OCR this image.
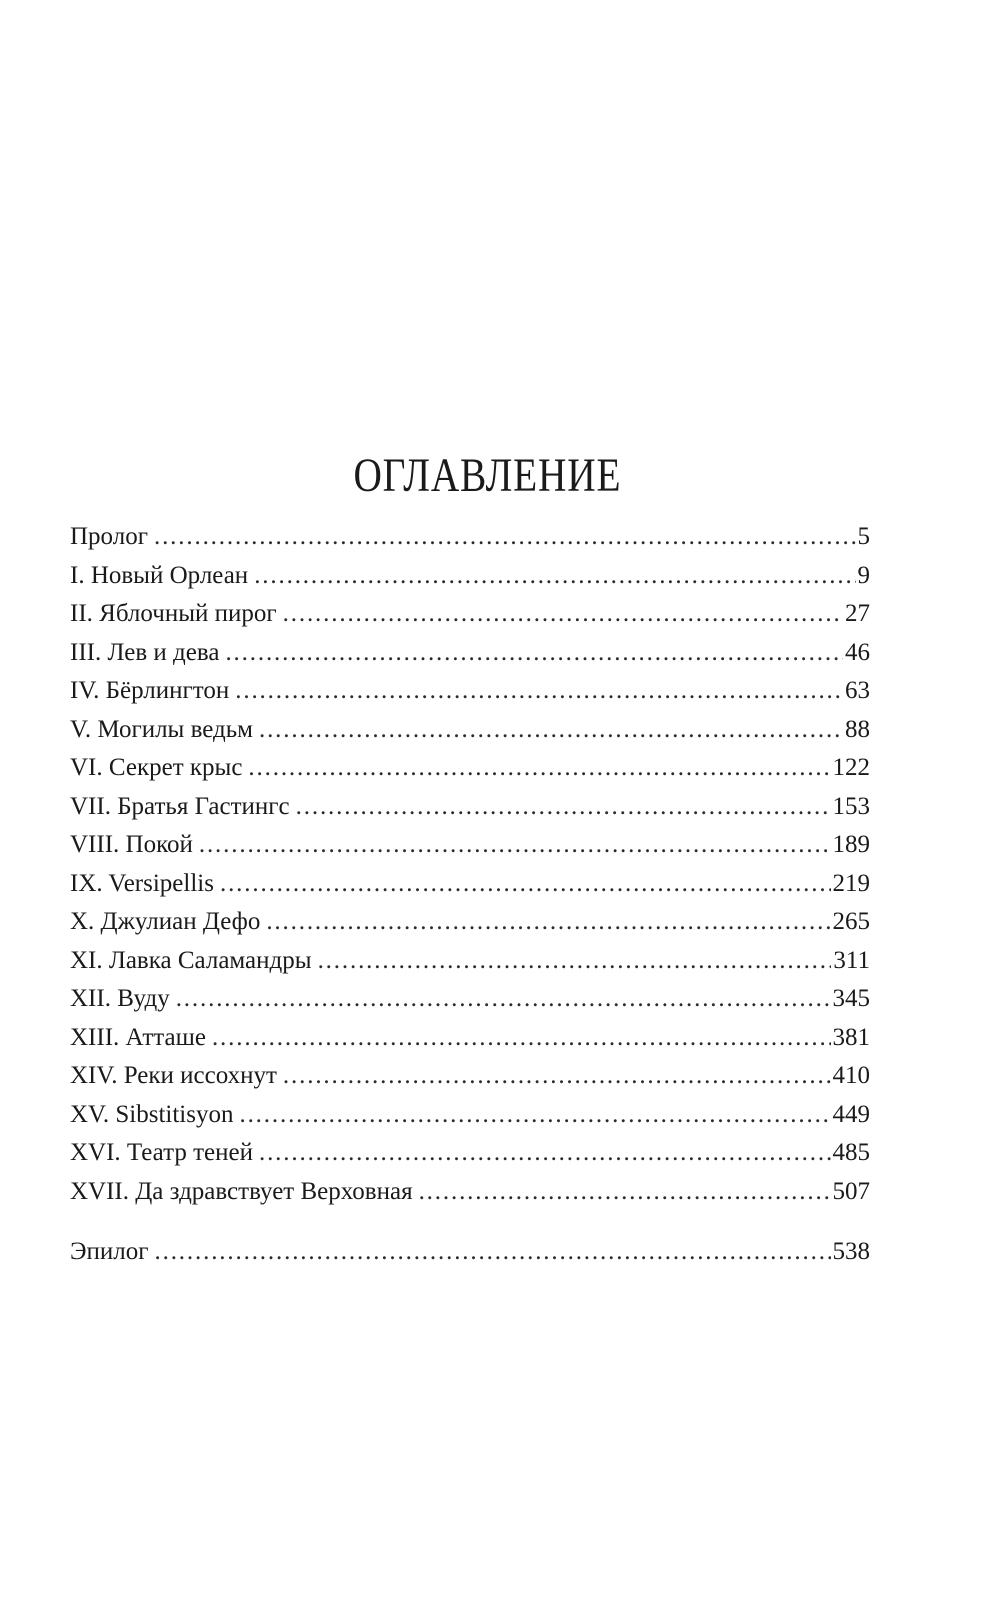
ОГЛАВЛЕНИЕ
Пролог . . .	5
I. Новый Орлеан . . .	9
II. Яблочный пирог . . .	27
III. Лев и дева . . .	46
IV. Бёрлингтон . . .	63
V. Могилы ведьм . . .	88
VI. Секрет крыс . . .	122
VII. Братья Гастингс . . .	153
VIII. Покой . . .	189
IX. Versipellis . . .	219
X. Джулиан Дефо . . .	265
XI. Лавка Саламандры . . .	311
XII. Вуду . . .	345
XIII. Атташе . . .	381
XIV. Реки иссохнут . . .	410
XV. Sibstitisyon . . .	449
XVI. Театр теней . . .	485
XVII. Да здравствует Верховная . . .	507
Эпилог . . .	538
